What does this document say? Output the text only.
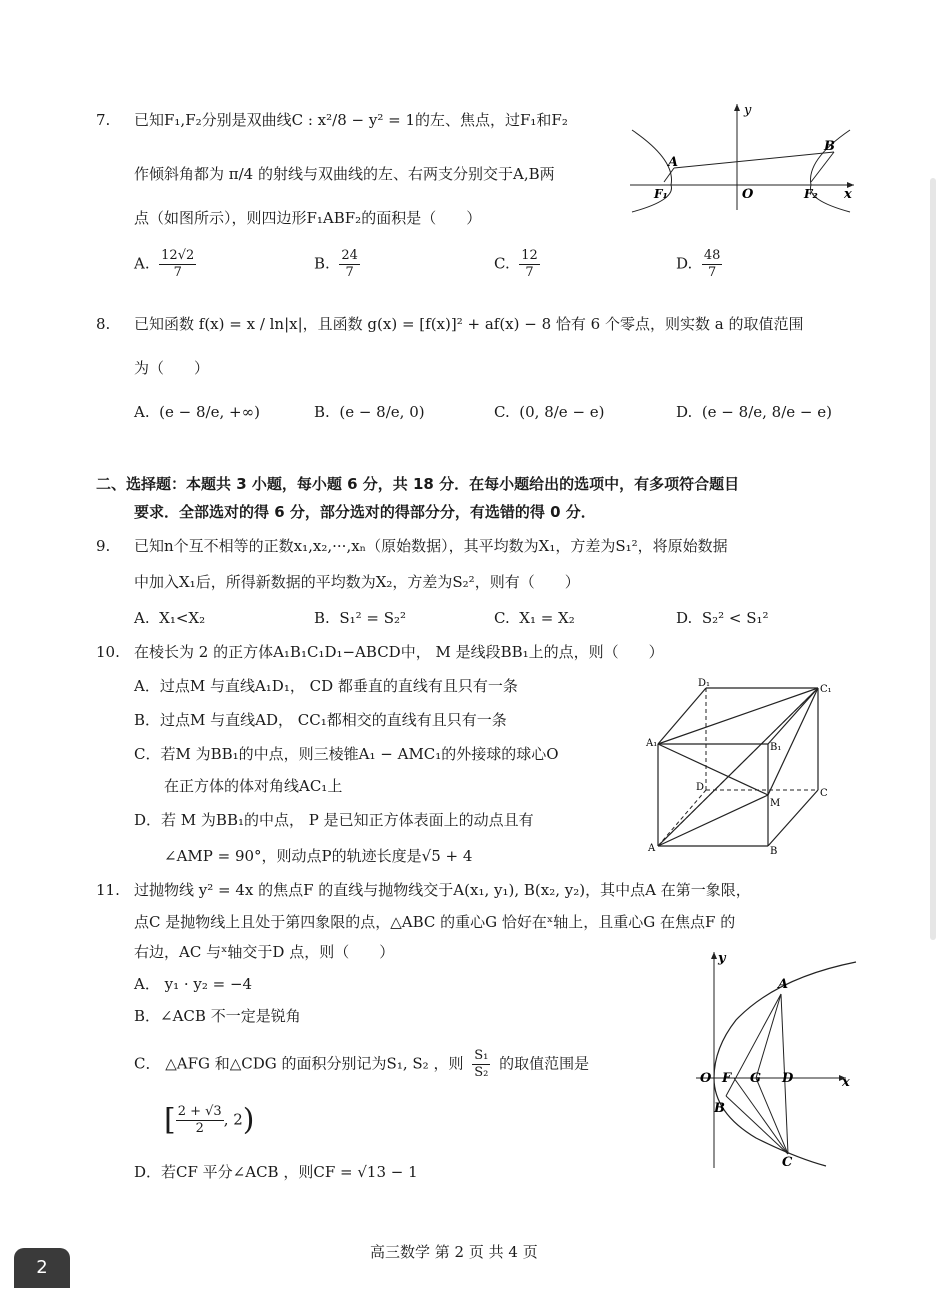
7. 已知F₁,F₂分别是双曲线C : x²/8 − y² = 1的左、焦点，过F₁和F₂
作倾斜角都为 π/4 的射线与双曲线的左、右两支分别交于A,B两
点（如图所示），则四边形F₁ABF₂的面积是（　　）
A. $\frac{12√2}{7}$	B. $\frac{24}{7}$	C. $\frac{12}{7}$	D. $\frac{48}{7}$
y
x
A
B
F₁	O	F₂
8. 已知函数 f(x) = x / ln|x|，且函数 g(x) = [f(x)]² + af(x) − 8 恰有 6 个零点，则实数 a 的取值范围
为（　　）
A. (e − 8/e, +∞)	B. (e − 8/e, 0)	C. (0, 8/e − e)	D. (e − 8/e, 8/e − e)
二、选择题：本题共 3 小题，每小题 6 分，共 18 分．在每小题给出的选项中，有多项符合题目
要求．全部选对的得 6 分，部分选对的得部分分，有选错的得 0 分．
9. 已知n个互不相等的正数x₁,x₂,···,xₙ（原始数据），其平均数为X₁，方差为S₁²，将原始数据
中加入X₁后，所得新数据的平均数为X₂，方差为S₂²，则有（　　）
A. X₁<X₂	B. S₁² = S₂²	C. X₁ = X₂	D. S₂² < S₁²
10. 在棱长为 2 的正方体A₁B₁C₁D₁−ABCD中， M 是线段BB₁上的点，则（　　）
A．过点M 与直线A₁D₁， CD 都垂直的直线有且只有一条
B．过点M 与直线AD， CC₁都相交的直线有且只有一条
C．若M 为BB₁的中点，则三棱锥A₁ − AMC₁的外接球的球心O
在正方体的体对角线AC₁上
D．若 M 为BB₁的中点， P 是已知正方体表面上的动点且有
∠AMP = 90°，则动点P的轨迹长度是√5 + 4
D₁
C₁
A₁	B₁
D
C
M
A	B
11. 过抛物线 y² = 4x 的焦点F 的直线与抛物线交于A(x₁, y₁), B(x₂, y₂)，其中点A 在第一象限，
点C 是抛物线上且处于第四象限的点，△ABC 的重心G 恰好在ˣ轴上，且重心G 在焦点F 的
右边，AC 与ˣ轴交于D 点，则（　　）
A． y₁ · y₂ = −4
B．∠ACB 不一定是锐角
C． △AFG 和△CDG 的面积分别记为S₁, S₂ ，则 $\frac{\text{S₁}}{\text{S₂}}$ 的取值范围是
[ $\frac{2 + √3}{2}$ , 2)
D．若CF 平分∠ACB ，则CF = √13 − 1
y
A
O F G D	x
B
C
高三数学 第 2 页 共 4 页
2
